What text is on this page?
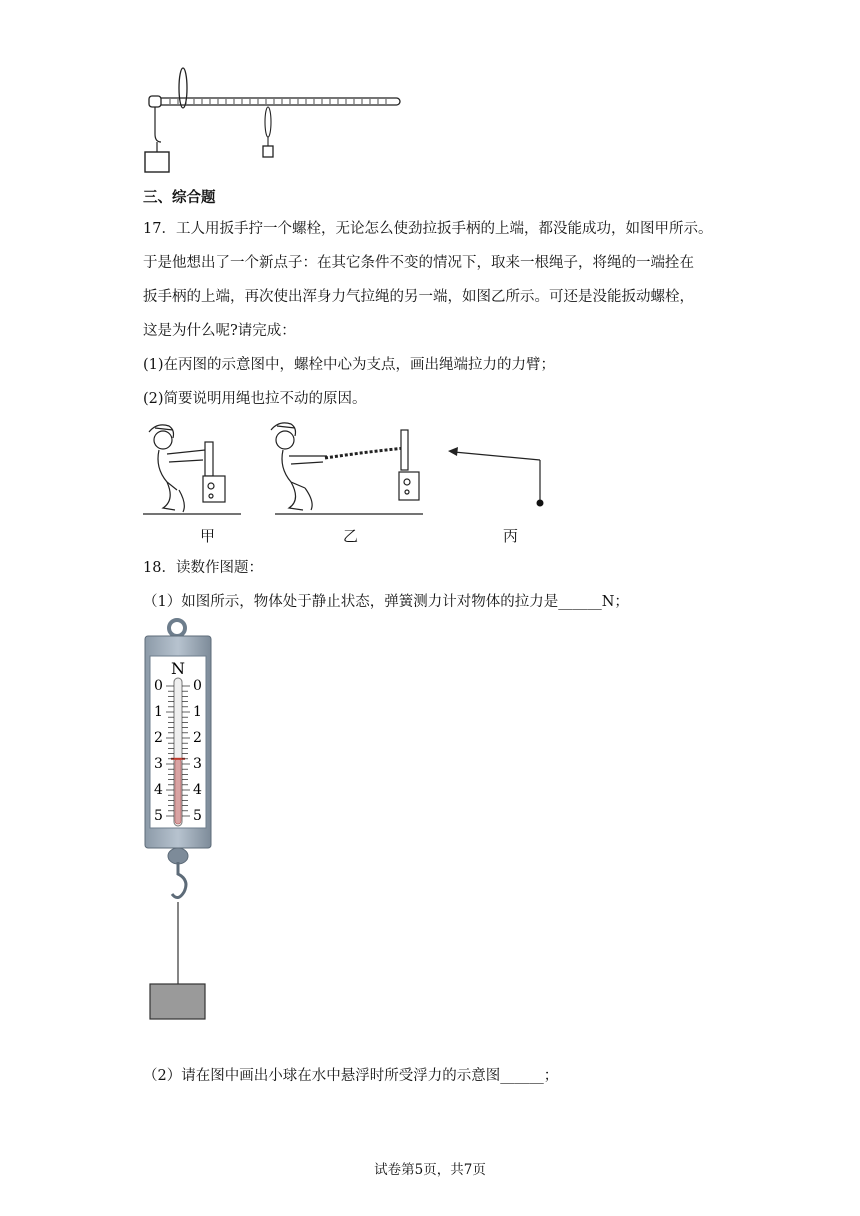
三、综合题
17．工人用扳手拧一个螺栓，无论怎么使劲拉扳手柄的上端，都没能成功，如图甲所示。
于是他想出了一个新点子：在其它条件不变的情况下，取来一根绳子，将绳的一端拴在
扳手柄的上端，再次使出浑身力气拉绳的另一端，如图乙所示。可还是没能扳动螺栓，
这是为什么呢?请完成：
(1)在丙图的示意图中，螺栓中心为支点，画出绳端拉力的力臂；
(2)简要说明用绳也拉不动的原因。
甲	乙	丙
18．读数作图题：
（1）如图所示，物体处于静止状态，弹簧测力计对物体的拉力是______N；
N
0
1
2
3
4
5
0
1
2
3
4
5
（2）请在图中画出小球在水中悬浮时所受浮力的示意图______；
试卷第5页，共7页
